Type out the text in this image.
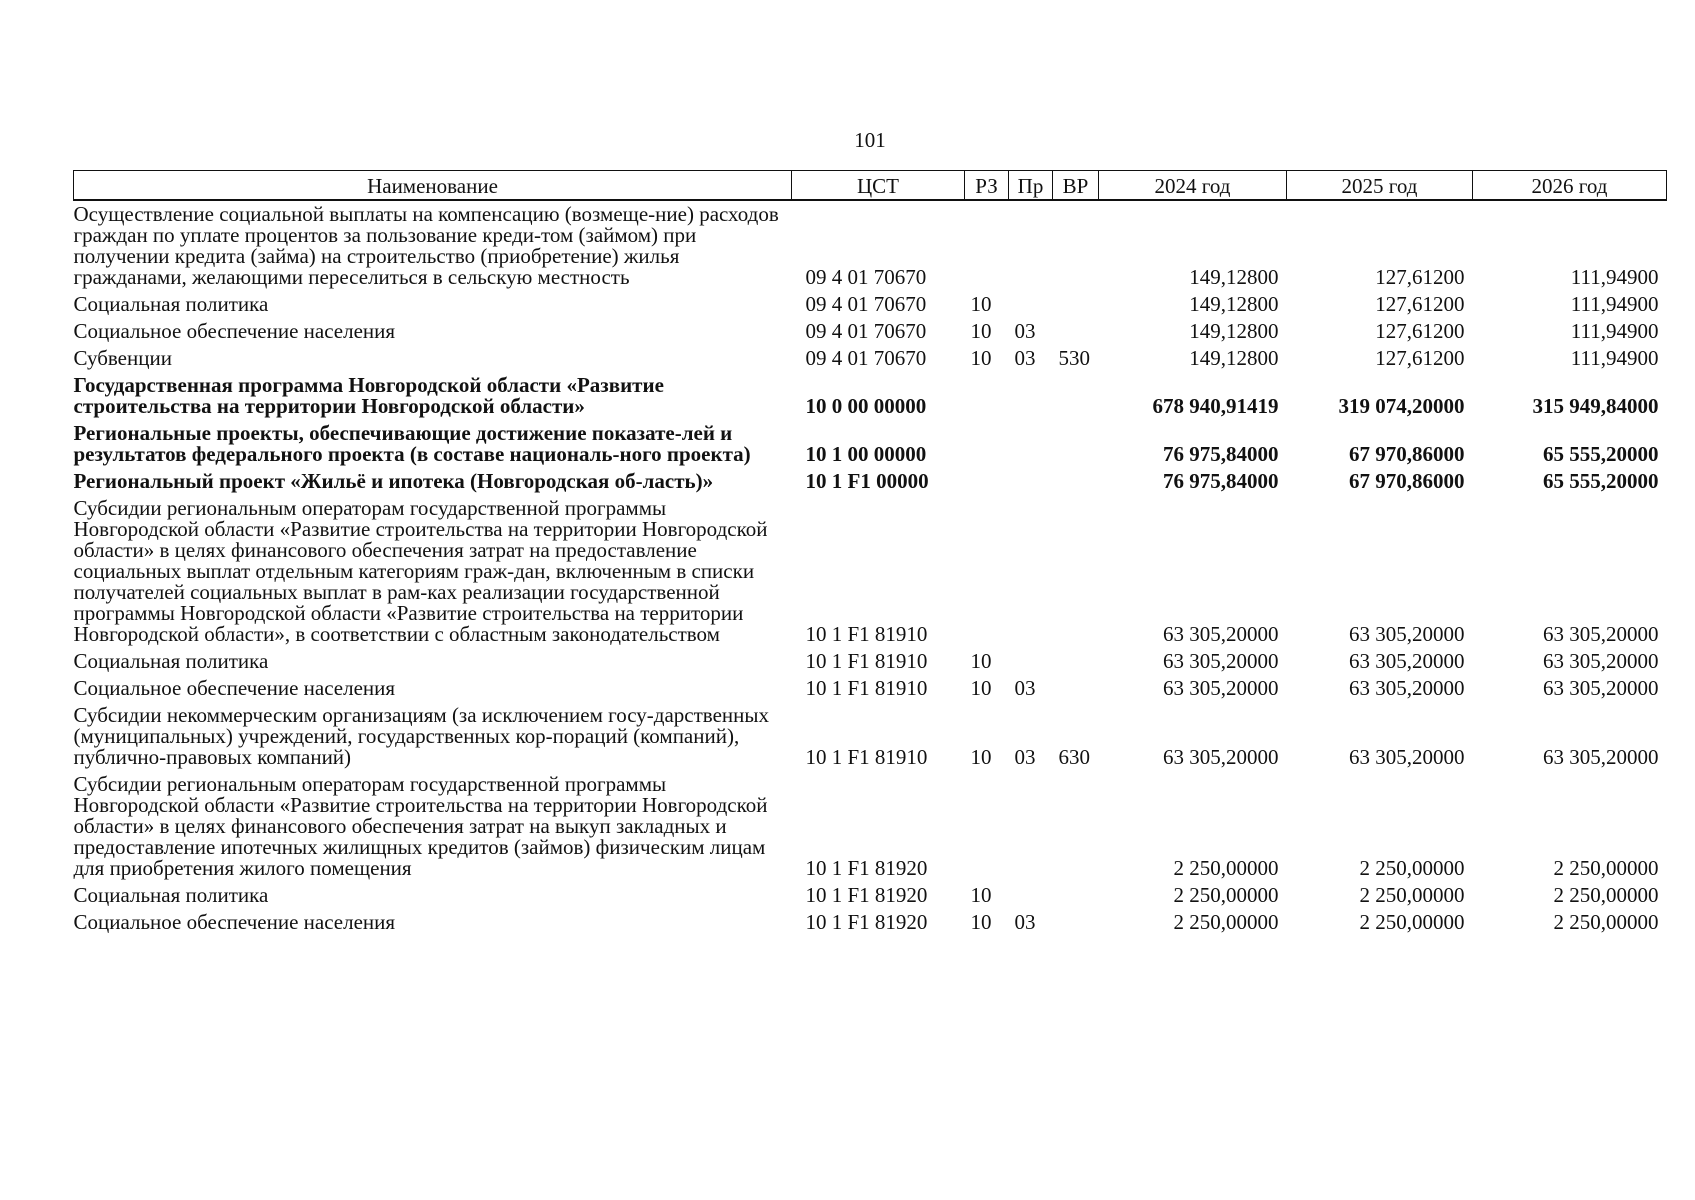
101
Наименование	ЦСТ	РЗ	Пр	ВР	2024 год	2025 год	2026 год
Осуществление социальной выплаты на компенсацию (возмеще-ние) расходов граждан по уплате процентов за пользование креди-том (займом) при получении кредита (займа) на строительство (приобретение) жилья гражданами, желающими переселиться в сельскую местность	09 4 01 70670				149,12800	127,61200	111,94900
Социальная политика	09 4 01 70670	10			149,12800	127,61200	111,94900
Социальное обеспечение населения	09 4 01 70670	10	03		149,12800	127,61200	111,94900
Субвенции	09 4 01 70670	10	03	530	149,12800	127,61200	111,94900
Государственная программа Новгородской области «Развитие строительства на территории Новгородской области»	10 0 00 00000				678 940,91419	319 074,20000	315 949,84000
Региональные проекты, обеспечивающие достижение показате-лей и результатов федерального проекта (в составе националь-ного проекта)	10 1 00 00000				76 975,84000	67 970,86000	65 555,20000
Региональный проект «Жильё и ипотека (Новгородская об-ласть)»	10 1 F1 00000				76 975,84000	67 970,86000	65 555,20000
Субсидии региональным операторам государственной программы Новгородской области «Развитие строительства на территории Новгородской области» в целях финансового обеспечения затрат на предоставление социальных выплат отдельным категориям граж-дан, включенным в списки получателей социальных выплат в рам-ках реализации государственной программы Новгородской области «Развитие строительства на территории Новгородской области», в соответствии с областным законодательством	10 1 F1 81910				63 305,20000	63 305,20000	63 305,20000
Социальная политика	10 1 F1 81910	10			63 305,20000	63 305,20000	63 305,20000
Социальное обеспечение населения	10 1 F1 81910	10	03		63 305,20000	63 305,20000	63 305,20000
Субсидии некоммерческим организациям (за исключением госу-дарственных (муниципальных) учреждений, государственных кор-пораций (компаний), публично-правовых компаний)	10 1 F1 81910	10	03	630	63 305,20000	63 305,20000	63 305,20000
Субсидии региональным операторам государственной программы Новгородской области «Развитие строительства на территории Новгородской области» в целях финансового обеспечения затрат на выкуп закладных и предоставление ипотечных жилищных кредитов (займов) физическим лицам для приобретения жилого помещения	10 1 F1 81920				2 250,00000	2 250,00000	2 250,00000
Социальная политика	10 1 F1 81920	10			2 250,00000	2 250,00000	2 250,00000
Социальное обеспечение населения	10 1 F1 81920	10	03		2 250,00000	2 250,00000	2 250,00000
